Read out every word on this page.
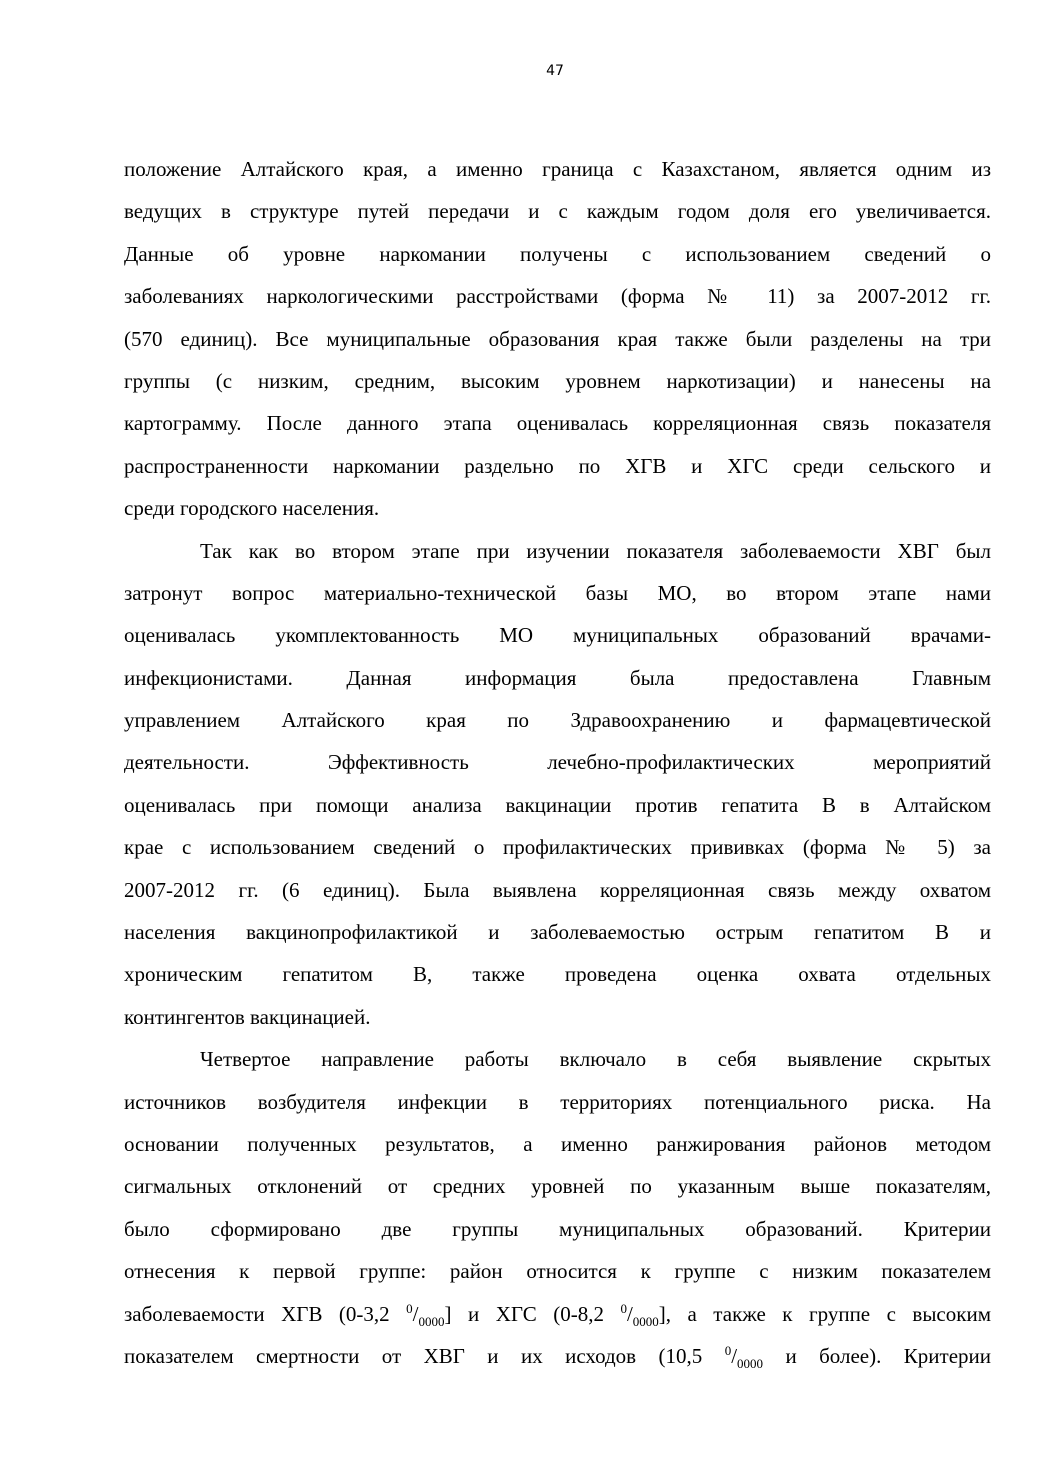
47
положение Алтайского края, а именно граница с Казахстаном, является одним из
ведущих в структуре путей передачи и с каждым годом доля его увеличивается.
Данные об уровне наркомании получены с использованием сведений о
заболеваниях наркологическими расстройствами (форма № 11) за 2007-2012 гг.
(570 единиц). Все муниципальные образования края также были разделены на три
группы (с низким, средним, высоким уровнем наркотизации) и нанесены на
картограмму. После данного этапа оценивалась корреляционная связь показателя
распространенности наркомании раздельно по ХГВ и ХГС среди сельского и
среди городского населения.
Так как во втором этапе при изучении показателя заболеваемости ХВГ был
затронут вопрос материально-технической базы МО, во втором этапе нами
оценивалась укомплектованность МО муниципальных образований врачами-
инфекционистами. Данная информация была предоставлена Главным
управлением Алтайского края по Здравоохранению и фармацевтической
деятельности. Эффективность лечебно-профилактических мероприятий
оценивалась при помощи анализа вакцинации против гепатита В в Алтайском
крае с использованием сведений о профилактических прививках (форма № 5) за
2007-2012 гг. (6 единиц). Была выявлена корреляционная связь между охватом
населения вакцинопрофилактикой и заболеваемостью острым гепатитом В и
хроническим гепатитом В, также проведена оценка охвата отдельных
контингентов вакцинацией.
Четвертое направление работы включало в себя выявление скрытых
источников возбудителя инфекции в территориях потенциального риска. На
основании полученных результатов, а именно ранжирования районов методом
сигмальных отклонений от средних уровней по указанным выше показателям,
было сформировано две группы муниципальных образований. Критерии
отнесения к первой группе: район относится к группе с низким показателем
заболеваемости ХГВ (0-3,2 $^0/_{0000}$] и ХГС (0-8,2 $^0/_{0000}$], а также к группе с высоким
показателем смертности от ХВГ и их исходов (10,5 $^0/_{0000}$ и более). Критерии
